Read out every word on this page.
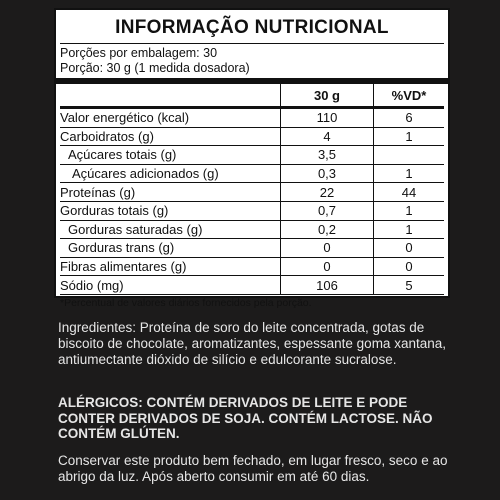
INFORMAÇÃO NUTRICIONAL
Porções por embalagem: 30
Porção: 30 g (1 medida dosadora)
	30 g	%VD*
Valor energético (kcal)	110	6
Carboidratos (g)	4	1
Açúcares totais (g)	3,5	
Açúcares adicionados (g)	0,3	1
Proteínas (g)	22	44
Gorduras totais (g)	0,7	1
Gorduras saturadas (g)	0,2	1
Gorduras trans (g)	0	0
Fibras alimentares (g)	0	0
Sódio (mg)	106	5
*Percentual de valores diários fornecidos pela porção.
Ingredientes: Proteína de soro do leite concentrada, gotas de biscoito de chocolate, aromatizantes, espessante goma xantana, antiumectante dióxido de silício e edulcorante sucralose.
ALÉRGICOS: CONTÉM DERIVADOS DE LEITE E PODE CONTER DERIVADOS DE SOJA. CONTÉM LACTOSE. NÃO CONTÉM GLÚTEN.
Conservar este produto bem fechado, em lugar fresco, seco e ao abrigo da luz. Após aberto consumir em até 60 dias.
